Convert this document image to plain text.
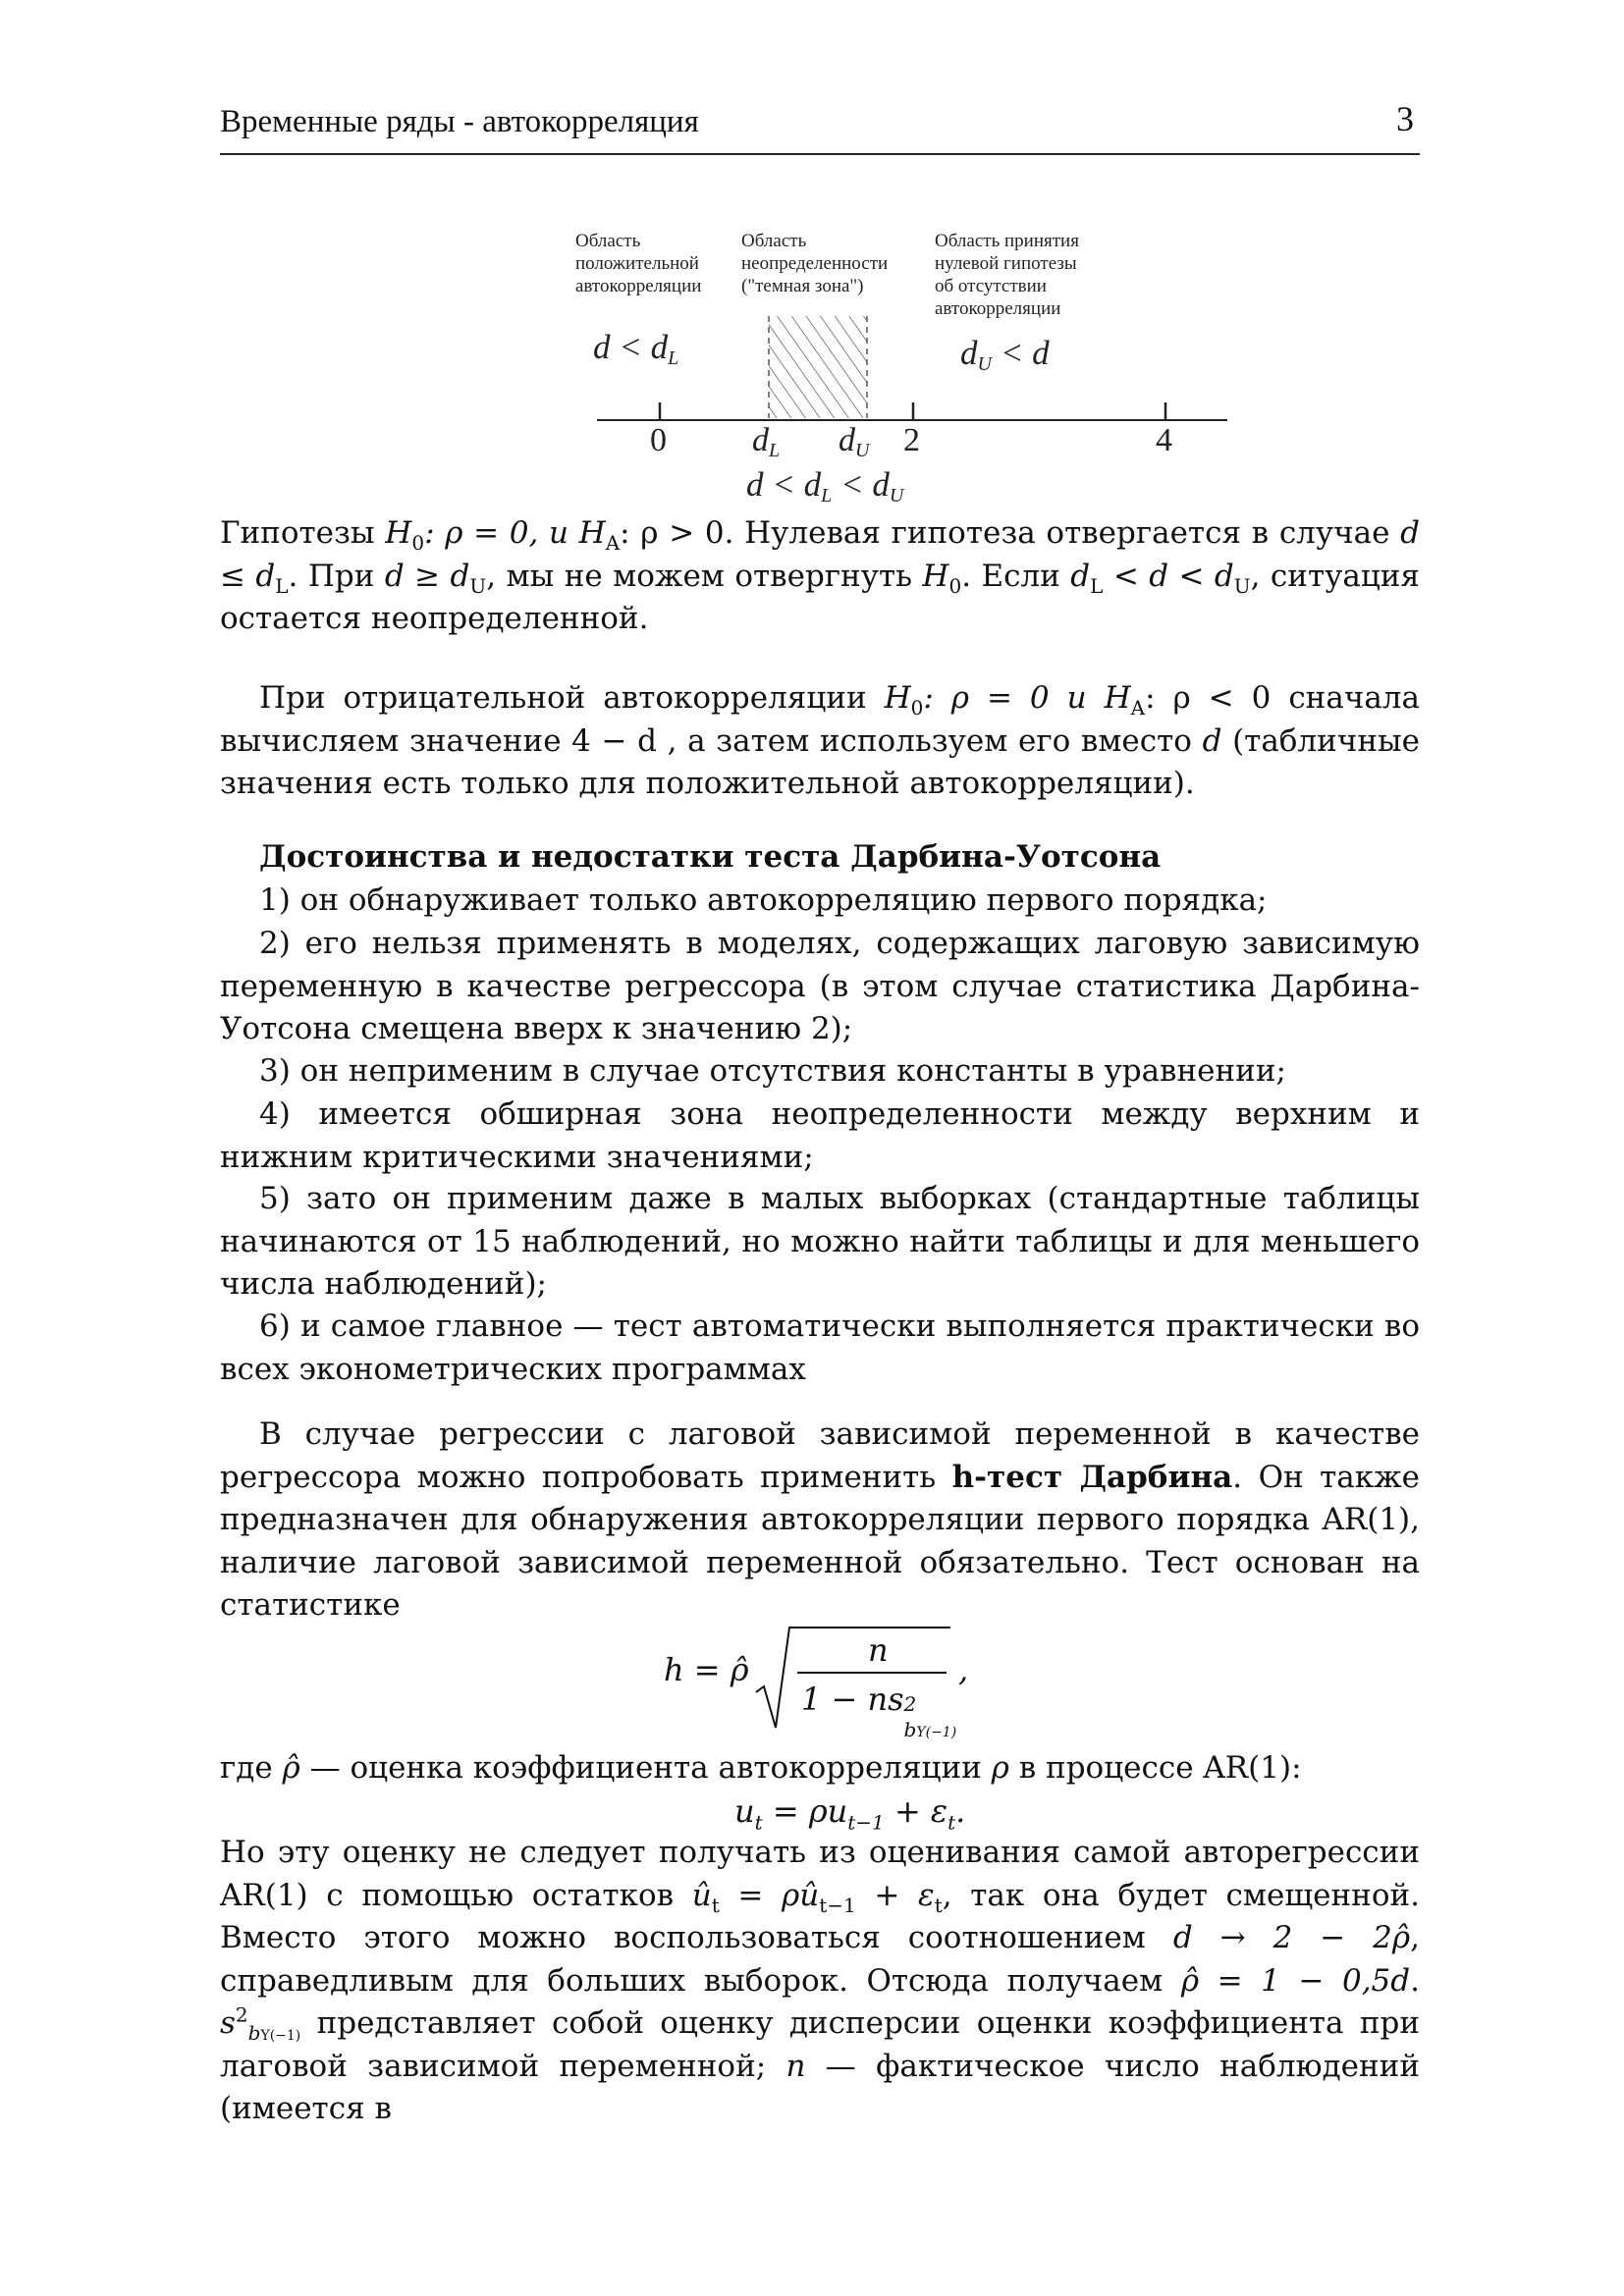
Временные ряды - автокорреляция	3
Область
положительной
автокорреляции
Область
неопределенности
("темная зона")
Область принятия
нулевой гипотезы
об отсутствии
автокорреляции
$d < d_L$	$d_U < d$
0	$d_L$ $d_U$ 2	4
$d < d_L < d_U$

Гипотезы $H_0$: ρ = 0, и $H_A$: ρ > 0. Нулевая гипотеза отвергается в случае $d \le d_L$. При $d \ge d_U$, мы не можем отвергнуть $H_0$. Если $d_L < d < d_U$, ситуация остается неопределенной.

При отрицательной автокорреляции $H_0$: ρ = 0 и $H_A$: ρ < 0 сначала вычисляем значение 4 − d , а затем используем его вместо d (табличные значения есть только для положительной автокорреляции).

Достоинства и недостатки теста Дарбина-Уотсона

1) он обнаруживает только автокорреляцию первого порядка;

2) его нельзя применять в моделях, содержащих лаговую зависимую переменную в качестве регрессора (в этом случае статистика Дарбина-Уотсона смещена вверх к значению 2);

3) он неприменим в случае отсутствия константы в уравнении;

4) имеется обширная зона неопределенности между верхним и нижним критическими значениями;

5) зато он применим даже в малых выборках (стандартные таблицы начинаются от 15 наблюдений, но можно найти таблицы и для меньшего числа наблюдений);

6) и самое главное — тест автоматически выполняется практически во всех эконометрических программах

В случае регрессии с лаговой зависимой переменной в качестве регрессора можно попробовать применить h-тест Дарбина. Он также предназначен для обнаружения автокорреляции первого порядка AR(1), наличие лаговой зависимой переменной обязательно. Тест основан на статистике

h = ρ̂
n
1 − ns 2
bY(−1)
,

где ρ̂ — оценка коэффициента автокорреляции ρ в процессе AR(1):

$u_t = \rho u_{t-1} + \varepsilon_t$.

Но эту оценку не следует получать из оценивания самой авторегрессии AR(1) с помощью остатков $û_t$ = $\rho û_{t-1} + \varepsilon_t$, так она будет смещенной. Вместо этого можно воспользоваться соотношением d → 2 − 2ρ̂, справедливым для больших выборок. Отсюда получаем ρ̂ = 1 − 0,5d. $s^2_{bY(-1)}$ представляет собой оценку дисперсии оценки коэффициента при лаговой зависимой переменной; n — фактическое число наблюдений (имеется в
